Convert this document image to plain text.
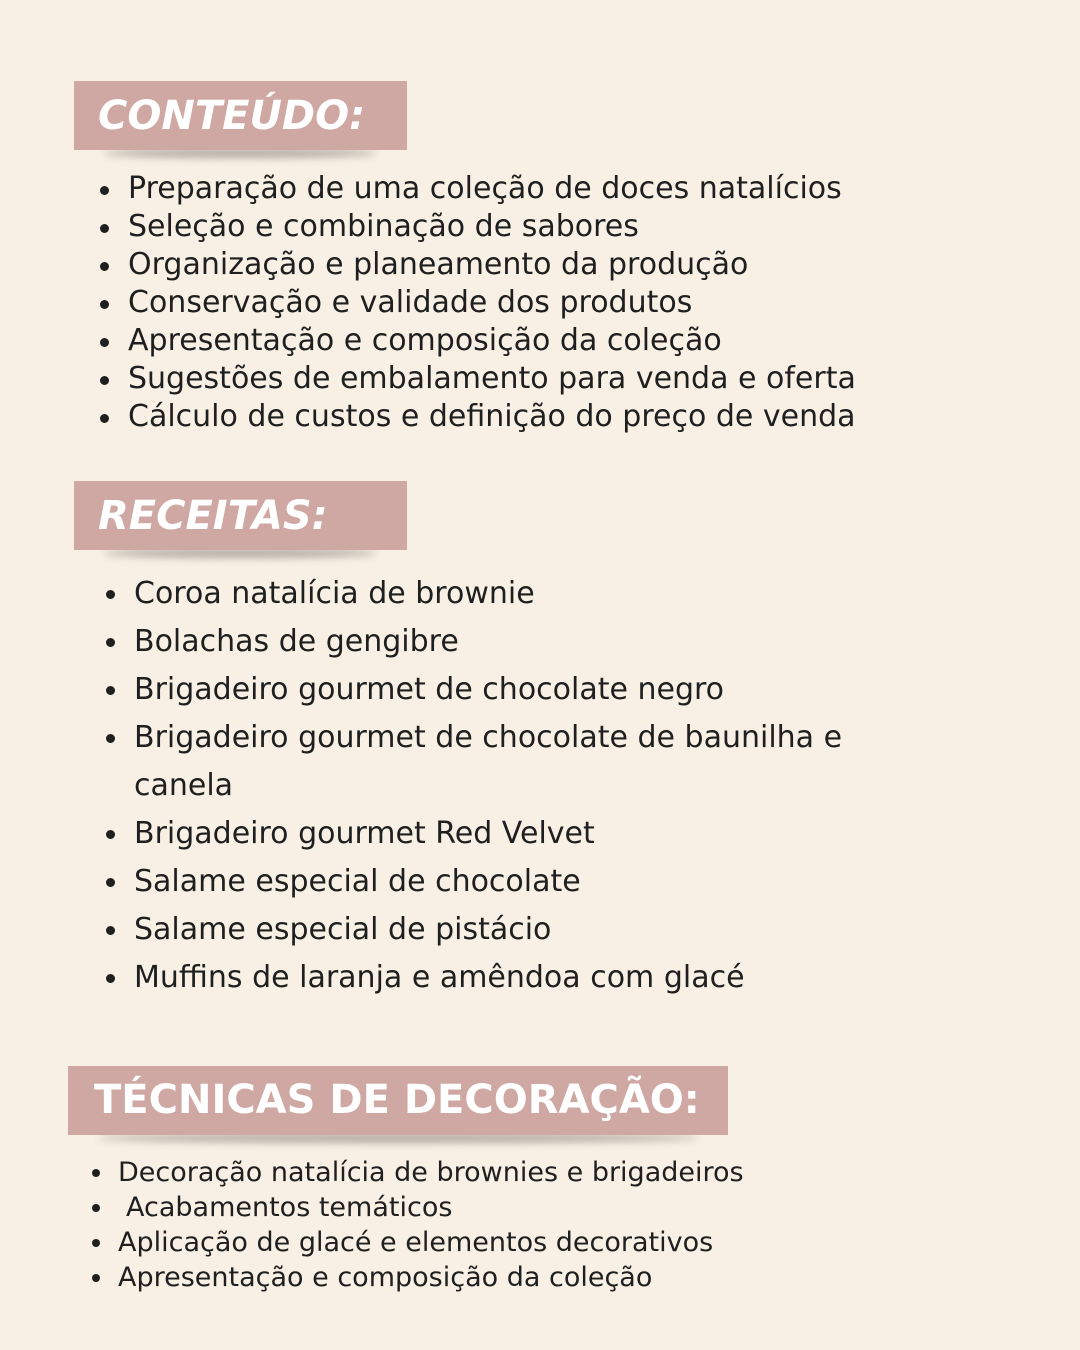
CONTEÚDO:
Preparação de uma coleção de doces natalícios
Seleção e combinação de sabores
Organização e planeamento da produção
Conservação e validade dos produtos
Apresentação e composição da coleção
Sugestões de embalamento para venda e oferta
Cálculo de custos e definição do preço de venda
RECEITAS:
Coroa natalícia de brownie
Bolachas de gengibre
Brigadeiro gourmet de chocolate negro
Brigadeiro gourmet de chocolate de baunilha e canela
Brigadeiro gourmet Red Velvet
Salame especial de chocolate
Salame especial de pistácio
Muffins de laranja e amêndoa com glacé
TÉCNICAS DE DECORAÇÃO:
Decoração natalícia de brownies e brigadeiros
Acabamentos temáticos
Aplicação de glacé e elementos decorativos
Apresentação e composição da coleção
